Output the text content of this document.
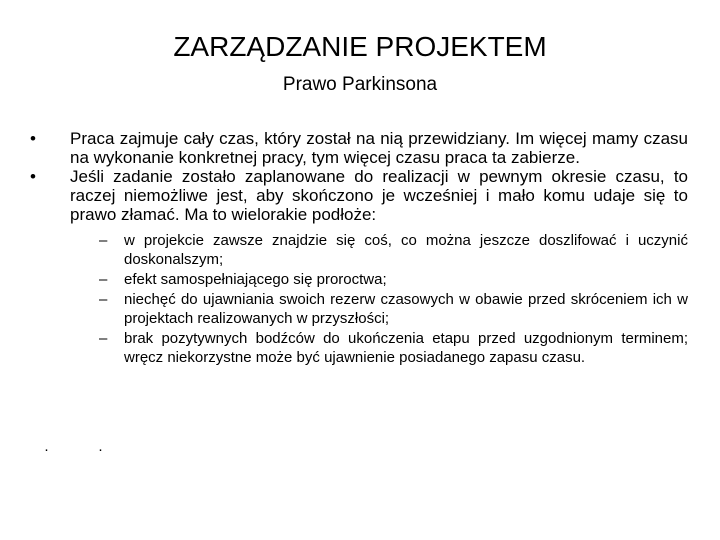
ZARZĄDZANIE PROJEKTEM
Prawo Parkinsona
•	Praca zajmuje cały czas, który został na nią przewidziany. Im więcej mamy czasu na wykonanie konkretnej pracy, tym więcej czasu praca ta zabierze.
•	Jeśli zadanie zostało zaplanowane do realizacji w pewnym okresie czasu, to raczej niemożliwe jest, aby skończono je wcześniej i mało komu udaje się to prawo złamać. Ma to wielorakie podłoże:
–	w projekcie zawsze znajdzie się coś, co można jeszcze doszlifować i uczynić doskonalszym;
–	efekt samospełniającego się proroctwa;
–	niechęć do ujawniania swoich rezerw czasowych w obawie przed skróceniem ich w projektach realizowanych w przyszłości;
–	brak pozytywnych bodźców do ukończenia etapu przed uzgodnionym terminem; wręcz niekorzystne może być ujawnienie posiadanego zapasu czasu.
·	·
